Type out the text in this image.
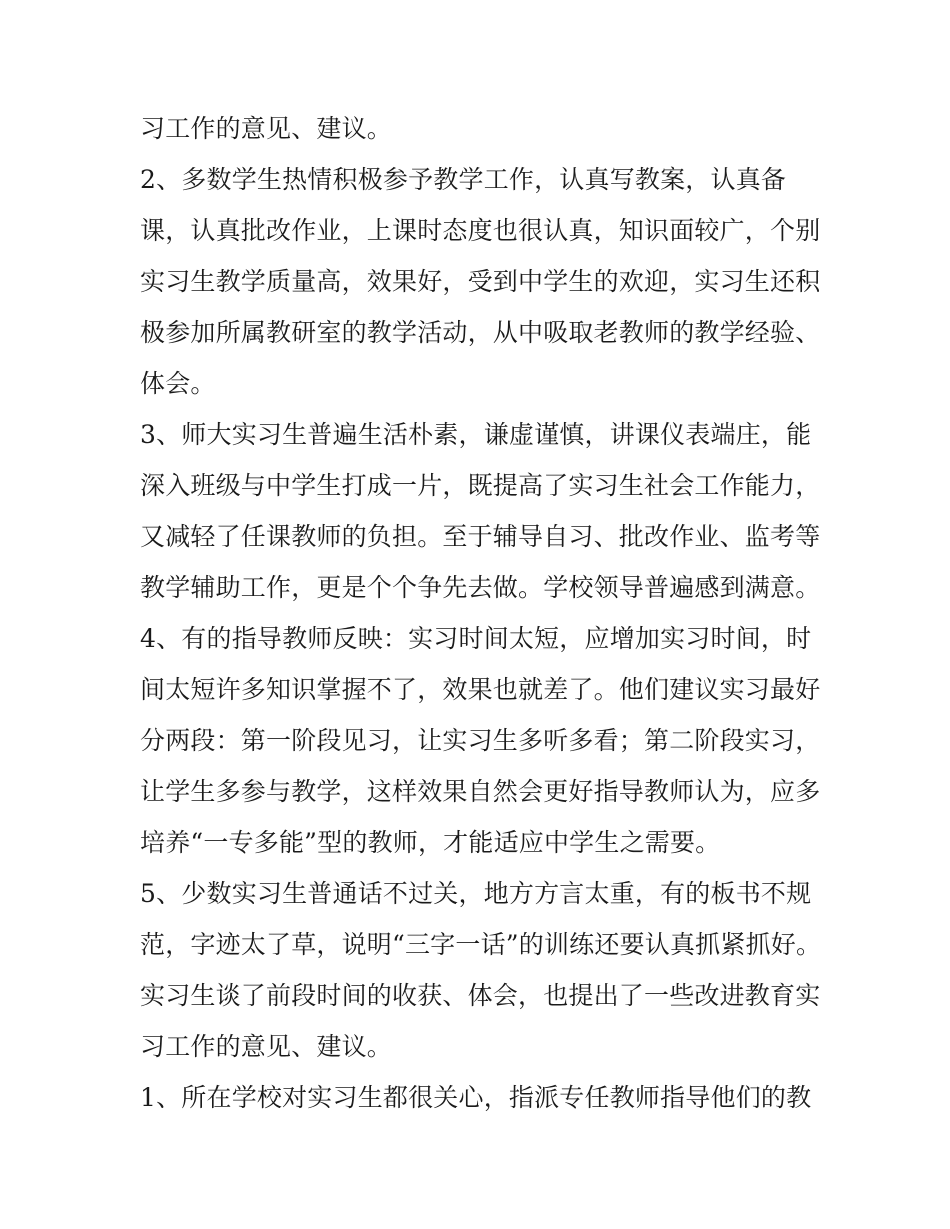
习工作的意见、建议。
2、多数学生热情积极参予教学工作，认真写教案，认真备
课，认真批改作业，上课时态度也很认真，知识面较广，个别
实习生教学质量高，效果好，受到中学生的欢迎，实习生还积
极参加所属教研室的教学活动，从中吸取老教师的教学经验、
体会。
3、师大实习生普遍生活朴素，谦虚谨慎，讲课仪表端庄，能
深入班级与中学生打成一片，既提高了实习生社会工作能力，
又减轻了任课教师的负担。至于辅导自习、批改作业、监考等
教学辅助工作，更是个个争先去做。学校领导普遍感到满意。
4、有的指导教师反映：实习时间太短，应增加实习时间，时
间太短许多知识掌握不了，效果也就差了。他们建议实习最好
分两段：第一阶段见习，让实习生多听多看；第二阶段实习，
让学生多参与教学，这样效果自然会更好指导教师认为，应多
培养“一专多能”型的教师，才能适应中学生之需要。
5、少数实习生普通话不过关，地方方言太重，有的板书不规
范，字迹太了草，说明“三字一话”的训练还要认真抓紧抓好。
实习生谈了前段时间的收获、体会，也提出了一些改进教育实
习工作的意见、建议。
1、所在学校对实习生都很关心，指派专任教师指导他们的教
